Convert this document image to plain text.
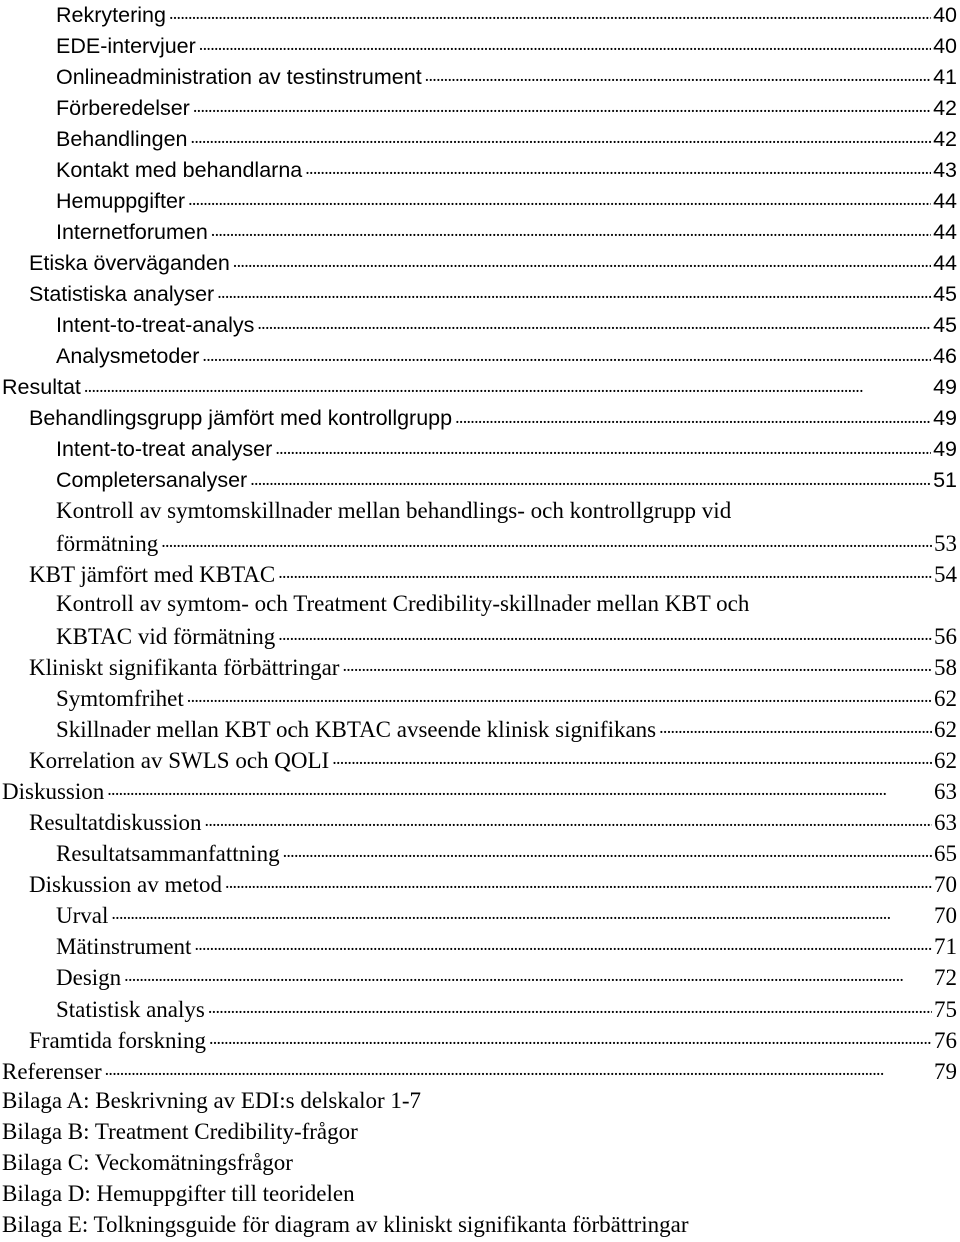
Rekrytering . . .	40
EDE-intervjuer . . .	40
Onlineadministration av testinstrument . . .	41
Förberedelser . . .	42
Behandlingen . . .	42
Kontakt med behandlarna . . .	43
Hemuppgifter . . .	44
Internetforumen . . .	44
Etiska överväganden . . .	44
Statistiska analyser . . .	45
Intent-to-treat-analys . . .	45
Analysmetoder . . .	46
Resultat . . .	49
Behandlingsgrupp jämfört med kontrollgrupp . . .	49
Intent-to-treat analyser . . .	49
Completersanalyser . . .	51
Kontroll av symtomskillnader mellan behandlings- och kontrollgrupp vid
förmätning . . .	53
KBT jämfört med KBTAC . . .	54
Kontroll av symtom- och Treatment Credibility-skillnader mellan KBT och
KBTAC vid förmätning . . .	56
Kliniskt signifikanta förbättringar . . .	58
Symtomfrihet . . .	62
Skillnader mellan KBT och KBTAC avseende klinisk signifikans . . .	62
Korrelation av SWLS och QOLI . . .	62
Diskussion . . .	63
Resultatdiskussion . . .	63
Resultatsammanfattning . . .	65
Diskussion av metod . . .	70
Urval . . .	70
Mätinstrument . . .	71
Design . . .	72
Statistisk analys . . .	75
Framtida forskning . . .	76
Referenser . . .	79
Bilaga A: Beskrivning av EDI:s delskalor 1-7
Bilaga B: Treatment Credibility-frågor
Bilaga C: Veckomätningsfrågor
Bilaga D: Hemuppgifter till teoridelen
Bilaga E: Tolkningsguide för diagram av kliniskt signifikanta förbättringar
